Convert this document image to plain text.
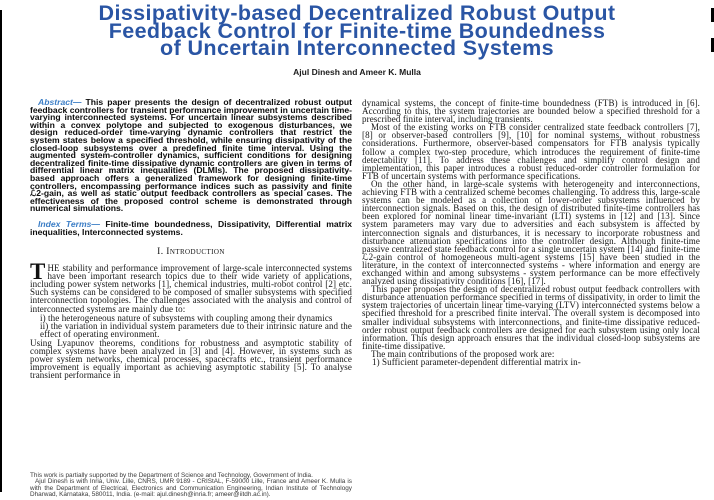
Dissipativity-based Decentralized Robust Output
Feedback Control for Finite-time Boundedness
of Uncertain Interconnected Systems
Ajul Dinesh and Ameer K. Mulla

Abstract— This paper presents the design of decentralized robust output feedback controllers for transient performance improvement in uncertain time-varying interconnected systems. For uncertain linear subsystems described within a convex polytope and subjected to exogenous disturbances, we design reduced-order time-varying dynamic controllers that restrict the system states below a specified threshold, while ensuring dissipativity of the closed-loop subsystems over a predefined finite time interval. Using the augmented system-controller dynamics, sufficient conditions for designing decentralized finite-time dissipative dynamic controllers are given in terms of differential linear matrix inequalities (DLMIs). The proposed dissipativity-based approach offers a generalized framework for designing finite-time controllers, encompassing performance indices such as passivity and finite ℒ2-gain, as well as static output feedback controllers as special cases. The effectiveness of the proposed control scheme is demonstrated through numerical simulations.

Index Terms— Finite-time boundedness, Dissipativity, Differential matrix inequalities, Interconnected systems.

I. Introduction

THE stability and performance improvement of large-scale interconnected systems have been important research topics due to their wide variety of applications, including power system networks [1], chemical industries, multi-robot control [2] etc. Such systems can be considered to be composed of smaller subsystems with specified interconnection topologies. The challenges associated with the analysis and control of interconnected systems are mainly due to:

i) the heterogeneous nature of subsystems with coupling among their dynamics
ii) the variation in individual system parameters due to their intrinsic nature and the effect of operating environment.

Using Lyapunov theorems, conditions for robustness and asymptotic stability of complex systems have been analyzed in [3] and [4]. However, in systems such as power system networks, chemical processes, spacecrafts etc., transient performance improvement is equally important as achieving asymptotic stability [5]. To analyse transient performance in

This work is partially supported by the Department of Science and Technology, Government of India.

Ajul Dinesh is with Inria, Univ. Lille, CNRS, UMR 9189 - CRIStAL, F-59000 Lille, France and Ameer K. Mulla is with the Department of Electrical, Electronics and Communication Engineering, Indian Institute of Technology Dharwad, Karnataka, 580011, India. (e-mail: ajul.dinesh@inria.fr; ameer@iitdh.ac.in).

dynamical systems, the concept of finite-time boundedness (FTB) is introduced in [6]. According to this, the system trajectories are bounded below a specified threshold for a prescribed finite interval, including transients.

Most of the existing works on FTB consider centralized state feedback controllers [7], [8] or observer-based controllers [9], [10] for nominal systems, without robustness considerations. Furthermore, observer-based compensators for FTB analysis typically follow a complex two-step procedure, which introduces the requirement of finite-time detectability [11]. To address these challenges and simplify control design and implementation, this paper introduces a robust reduced-order controller formulation for FTB of uncertain systems with performance specifications.

On the other hand, in large-scale systems with heterogeneity and interconnections, achieving FTB with a centralized scheme becomes challenging. To address this, large-scale systems can be modeled as a collection of lower-order subsystems influenced by interconnection signals. Based on this, the design of distributed finite-time controllers has been explored for nominal linear time-invariant (LTI) systems in [12] and [13]. Since system parameters may vary due to adversities and each subsystem is affected by interconnection signals and disturbances, it is necessary to incorporate robustness and disturbance attenuation specifications into the controller design. Although finite-time passive centralized state feedback control for a single uncertain system [14] and finite-time ℒ2-gain control of homogeneous multi-agent systems [15] have been studied in the literature, in the context of interconnected systems - where information and energy are exchanged within and among subsystems - system performance can be more effectively analyzed using dissipativity conditions [16], [17].

This paper proposes the design of decentralized robust output feedback controllers with disturbance attenuation performance specified in terms of dissipativity, in order to limit the system trajectories of uncertain linear time-varying (LTV) interconnected systems below a specified threshold for a prescribed finite interval. The overall system is decomposed into smaller individual subsystems with interconnections, and finite-time dissipative reduced-order robust output feedback controllers are designed for each subsystem using only local information. This design approach ensures that the individual closed-loop subsystems are finite-time dissipative.

The main contributions of the proposed work are:

1) Sufficient parameter-dependent differential matrix in-
